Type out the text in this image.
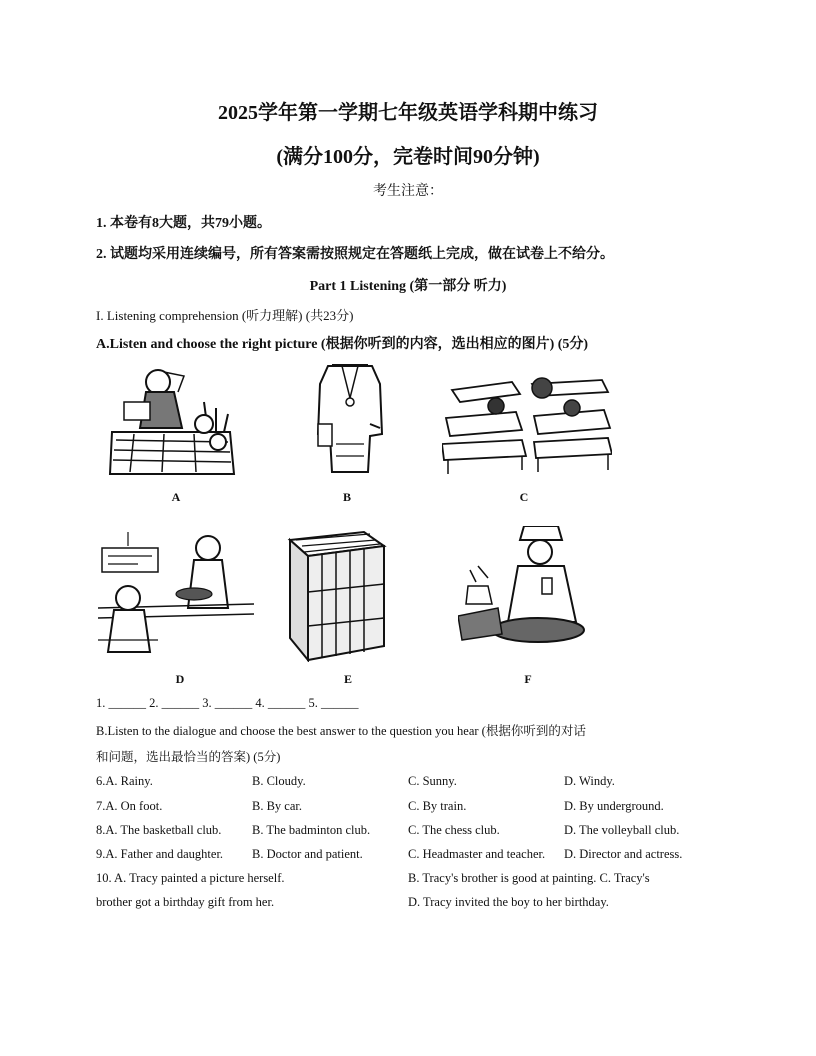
2025学年第一学期七年级英语学科期中练习
(满分100分，完卷时间90分钟)
考生注意：
1. 本卷有8大题，共79小题。
2. 试题均采用连续编号，所有答案需按照规定在答题纸上完成，做在试卷上不给分。
Part 1 Listening (第一部分 听力)
I. Listening comprehension (听力理解) (共23分)
A.Listen and choose the right picture (根据你听到的内容，选出相应的图片) (5分)
A	B	C
D	E	F
1. ______ 2. ______ 3. ______ 4. ______ 5. ______
B.Listen to the dialogue and choose the best answer to the question you hear (根据你听到的对话
和问题，选出最恰当的答案) (5分)
6.A. Rainy.	B. Cloudy.	C. Sunny.	D. Windy.
7.A. On foot.	B. By car.	C. By train.	D. By underground.
8.A. The basketball club. B. The badminton club.	C. The chess club.	D. The volleyball club.
9.A. Father and daughter. B. Doctor and patient.	C. Headmaster and teacher. D. Director and actress.
10. A. Tracy painted a picture herself.	B. Tracy's brother is good at painting. C. Tracy's
brother got a birthday gift from her.	D. Tracy invited the boy to her birthday.
